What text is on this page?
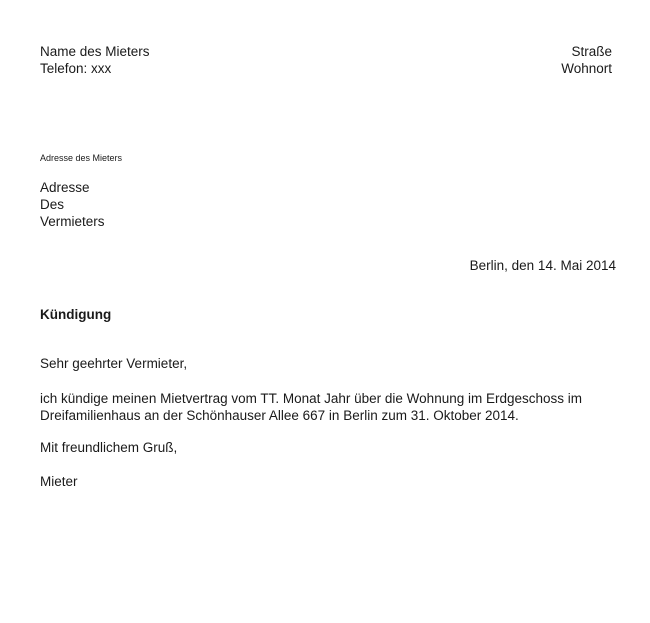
Name des Mieters
Telefon: xxx
Straße
Wohnort
Adresse des Mieters
Adresse
Des
Vermieters
Berlin, den 14. Mai 2014
Kündigung
Sehr geehrter Vermieter,
ich kündige meinen Mietvertrag vom TT. Monat Jahr über die Wohnung im Erdgeschoss im
Dreifamilienhaus an der Schönhauser Allee 667 in Berlin zum 31. Oktober 2014.
Mit freundlichem Gruß,
Mieter
